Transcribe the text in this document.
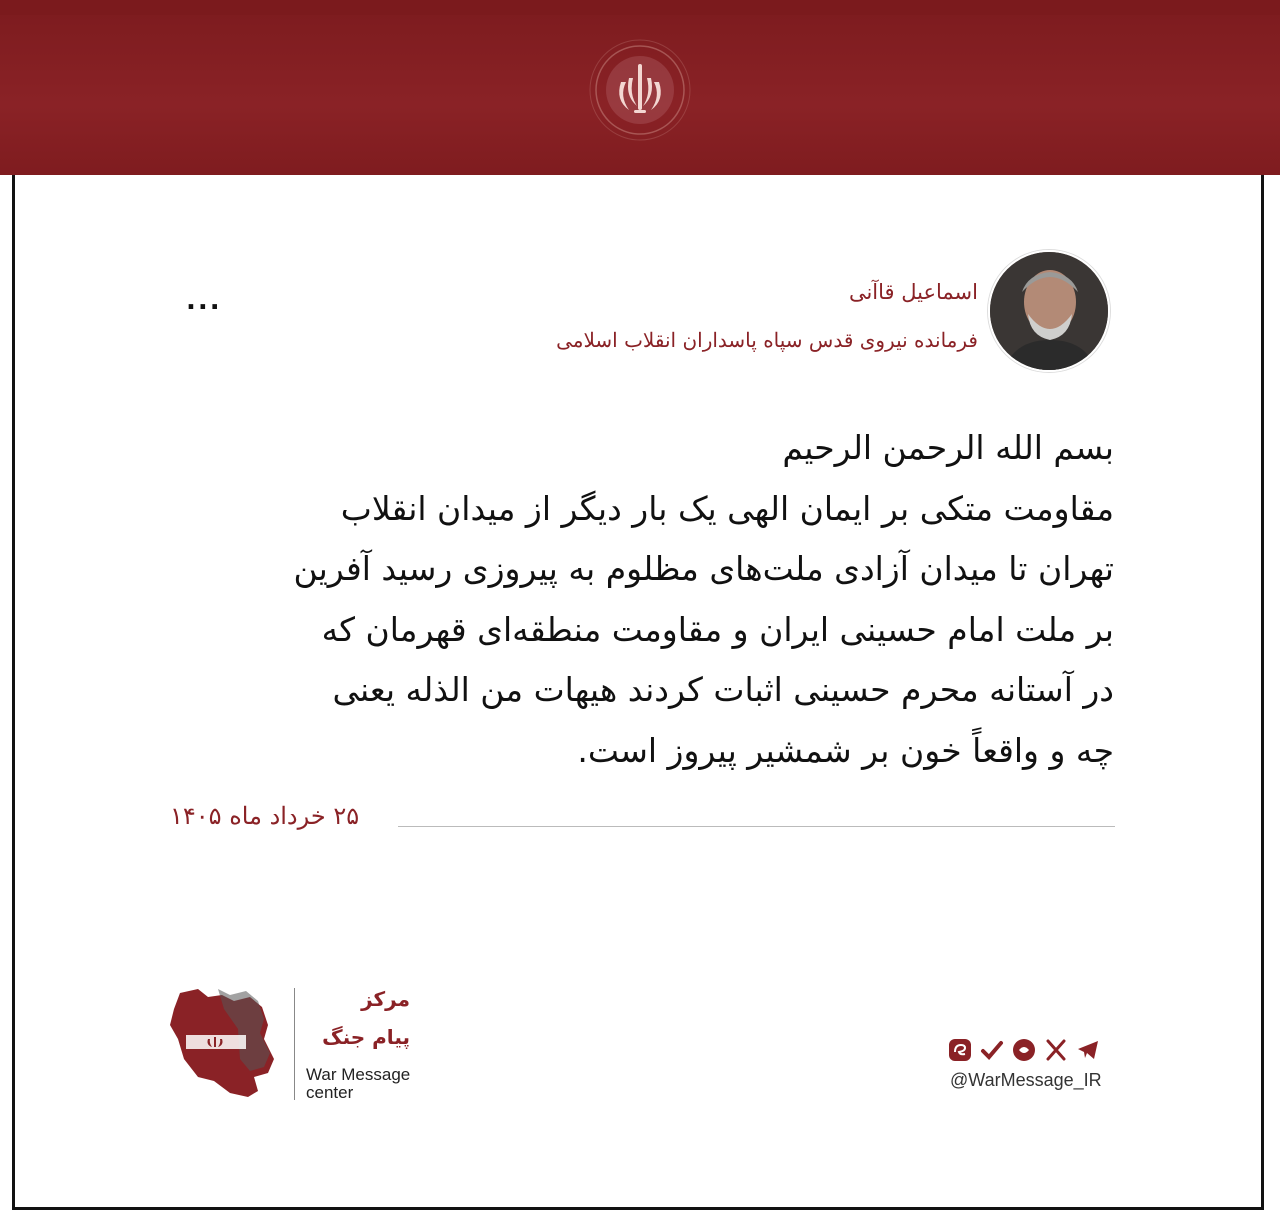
اسماعیل قاآنی
فرمانده نیروی قدس سپاه پاسداران انقلاب اسلامی
...
بسم الله الرحمن الرحیم
مقاومت متکی بر ایمان الهی یک بار دیگر از میدان انقلاب
تهران تا میدان آزادی ملت‌های مظلوم به پیروزی رسید آفرین
بر ملت امام حسینی ایران و مقاومت منطقه‌ای قهرمان که
در آستانه محرم حسینی اثبات کردند هیهات من الذله یعنی
چه و واقعاً خون بر شمشیر پیروز است.
۲۵ خرداد ماه ۱۴۰۵
مرکز
پیام جنگ
War Message
center
@WarMessage_IR
